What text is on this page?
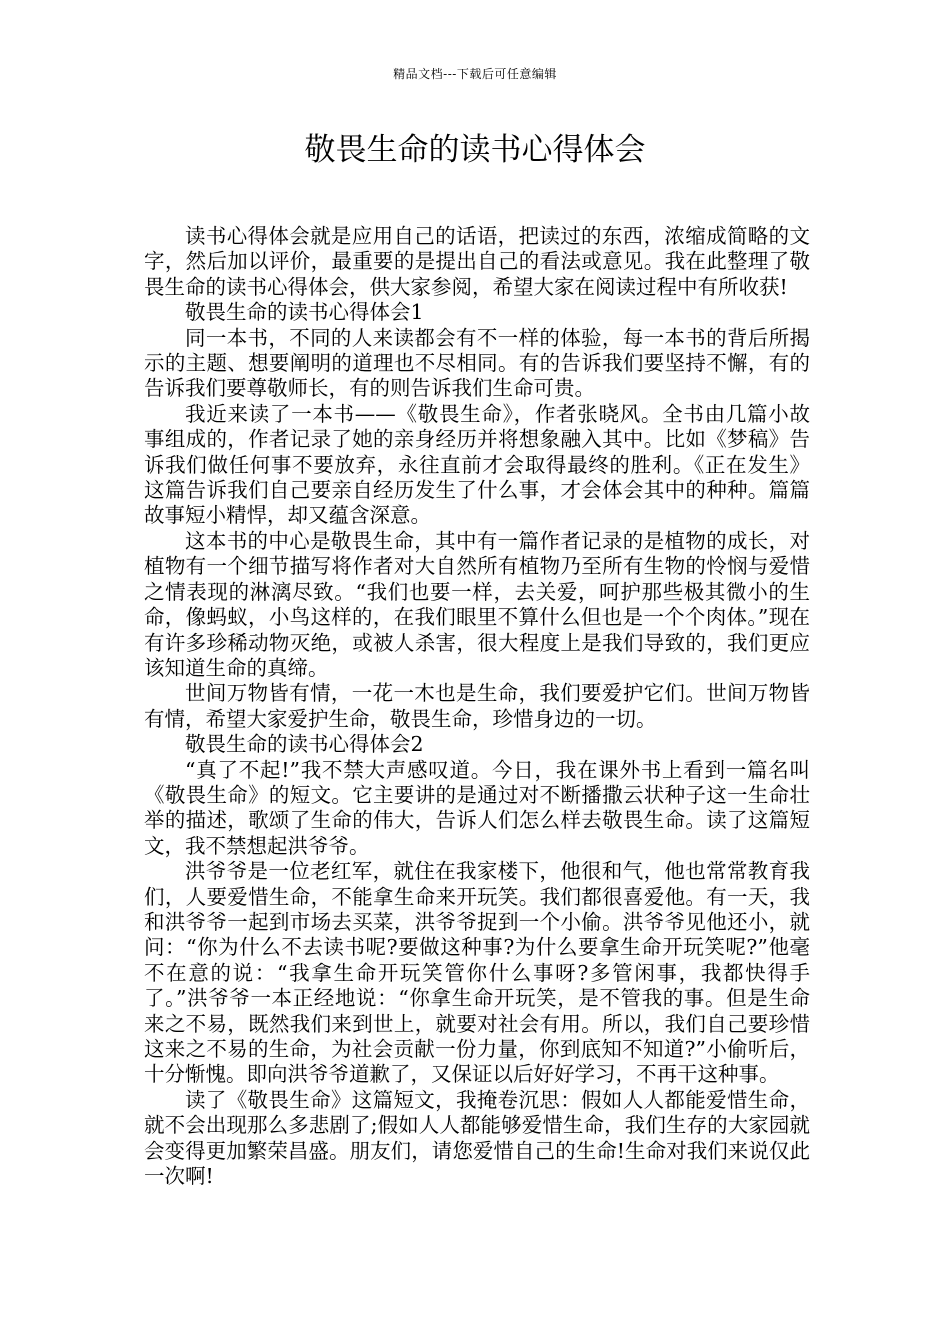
精品文档---下载后可任意编辑
敬畏生命的读书心得体会

读书心得体会就是应用自己的话语，把读过的东西，浓缩成简略的文字，然后加以评价，最重要的是提出自己的看法或意见。我在此整理了敬畏生命的读书心得体会，供大家参阅，希望大家在阅读过程中有所收获!

敬畏生命的读书心得体会1

同一本书，不同的人来读都会有不一样的体验，每一本书的背后所揭示的主题、想要阐明的道理也不尽相同。有的告诉我们要坚持不懈，有的告诉我们要尊敬师长，有的则告诉我们生命可贵。

我近来读了一本书——《敬畏生命》，作者张晓风。全书由几篇小故事组成的，作者记录了她的亲身经历并将想象融入其中。比如《梦稿》告诉我们做任何事不要放弃，永往直前才会取得最终的胜利。《正在发生》这篇告诉我们自己要亲自经历发生了什么事，才会体会其中的种种。篇篇故事短小精悍，却又蕴含深意。

这本书的中心是敬畏生命，其中有一篇作者记录的是植物的成长，对植物有一个细节描写将作者对大自然所有植物乃至所有生物的怜悯与爱惜之情表现的淋漓尽致。“我们也要一样，去关爱，呵护那些极其微小的生命，像蚂蚁，小鸟这样的，在我们眼里不算什么但也是一个个肉体。”现在有许多珍稀动物灭绝，或被人杀害，很大程度上是我们导致的，我们更应该知道生命的真缔。

世间万物皆有情，一花一木也是生命，我们要爱护它们。世间万物皆有情，希望大家爱护生命，敬畏生命，珍惜身边的一切。

敬畏生命的读书心得体会2

“真了不起!”我不禁大声感叹道。今日，我在课外书上看到一篇名叫《敬畏生命》的短文。它主要讲的是通过对不断播撒云状种子这一生命壮举的描述，歌颂了生命的伟大，告诉人们怎么样去敬畏生命。读了这篇短文，我不禁想起洪爷爷。

洪爷爷是一位老红军，就住在我家楼下，他很和气，他也常常教育我们，人要爱惜生命，不能拿生命来开玩笑。我们都很喜爱他。有一天，我和洪爷爷一起到市场去买菜，洪爷爷捉到一个小偷。洪爷爷见他还小，就问：“你为什么不去读书呢?要做这种事?为什么要拿生命开玩笑呢?”他毫不在意的说：“我拿生命开玩笑管你什么事呀?多管闲事，我都快得手了。”洪爷爷一本正经地说：“你拿生命开玩笑，是不管我的事。但是生命来之不易，既然我们来到世上，就要对社会有用。所以，我们自己要珍惜这来之不易的生命，为社会贡献一份力量，你到底知不知道?”小偷听后，十分惭愧。即向洪爷爷道歉了，又保证以后好好学习，不再干这种事。

读了《敬畏生命》这篇短文，我掩卷沉思：假如人人都能爱惜生命，就不会出现那么多悲剧了;假如人人都能够爱惜生命，我们生存的大家园就会变得更加繁荣昌盛。朋友们，请您爱惜自己的生命!生命对我们来说仅此一次啊!
